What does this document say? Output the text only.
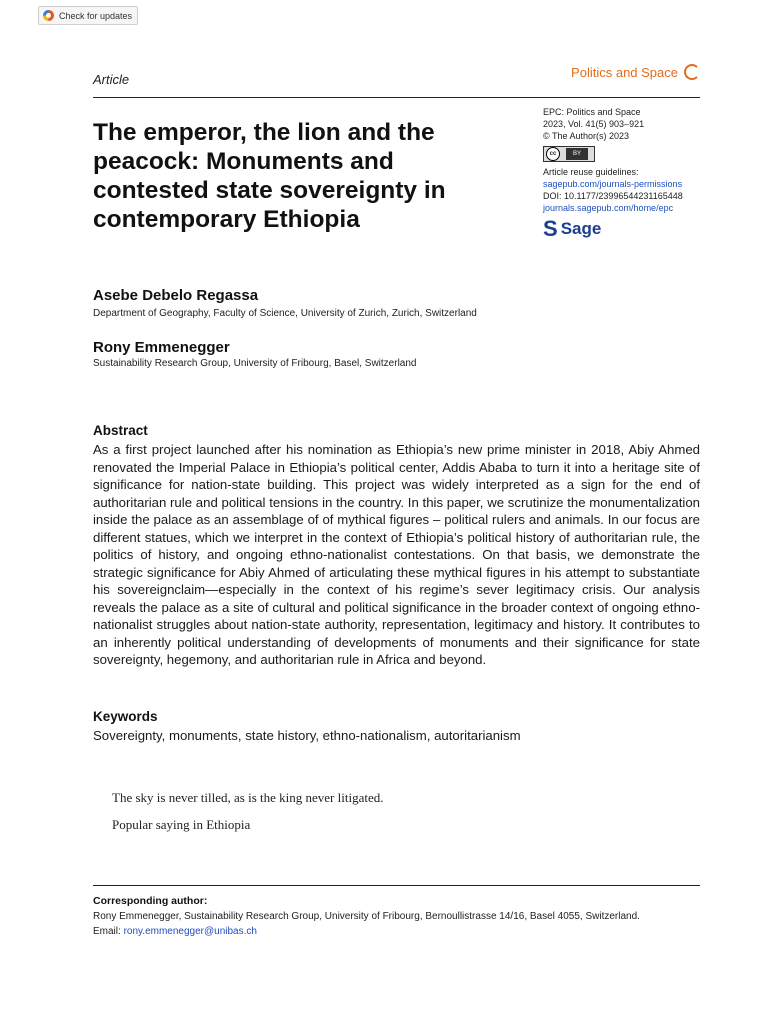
Check for updates
Article	Politics and Space
The emperor, the lion and the peacock: Monuments and contested state sovereignty in contemporary Ethiopia
EPC: Politics and Space
2023, Vol. 41(5) 903–921
© The Author(s) 2023
cc	BY
Article reuse guidelines:
sagepub.com/journals-permissions
DOI: 10.1177/23996544231165448
journals.sagepub.com/home/epc
S Sage

Asebe Debelo Regassa

Department of Geography, Faculty of Science, University of Zurich, Zurich, Switzerland

Rony Emmenegger

Sustainability Research Group, University of Fribourg, Basel, Switzerland

Abstract

As a first project launched after his nomination as Ethiopia’s new prime minister in 2018, Abiy Ahmed renovated the Imperial Palace in Ethiopia’s political center, Addis Ababa to turn it into a heritage site of significance for nation-state building. This project was widely interpreted as a sign for the end of authoritarian rule and political tensions in the country. In this paper, we scrutinize the monumentalization inside the palace as an assemblage of of mythical figures – political rulers and animals. In our focus are different statues, which we interpret in the context of Ethiopia’s political history of authoritarian rule, the politics of history, and ongoing ethno-nationalist contestations. On that basis, we demonstrate the strategic significance for Abiy Ahmed of articulating these mythical figures in his attempt to substantiate his sovereignclaim—especially in the context of his regime’s sever legitimacy crisis. Our analysis reveals the palace as a site of cultural and political significance in the broader context of ongoing ethno-nationalist struggles about nation-state authority, representation, legitimacy and history. It contributes to an inherently political understanding of developments of monuments and their significance for state sovereignty, hegemony, and authoritarian rule in Africa and beyond.

Keywords

Sovereignty, monuments, state history, ethno-nationalism, autoritarianism

The sky is never tilled, as is the king never litigated.

Popular saying in Ethiopia

Corresponding author:

Rony Emmenegger, Sustainability Research Group, University of Fribourg, Bernoullistrasse 14/16, Basel 4055, Switzerland.
Email: rony.emmenegger@unibas.ch
